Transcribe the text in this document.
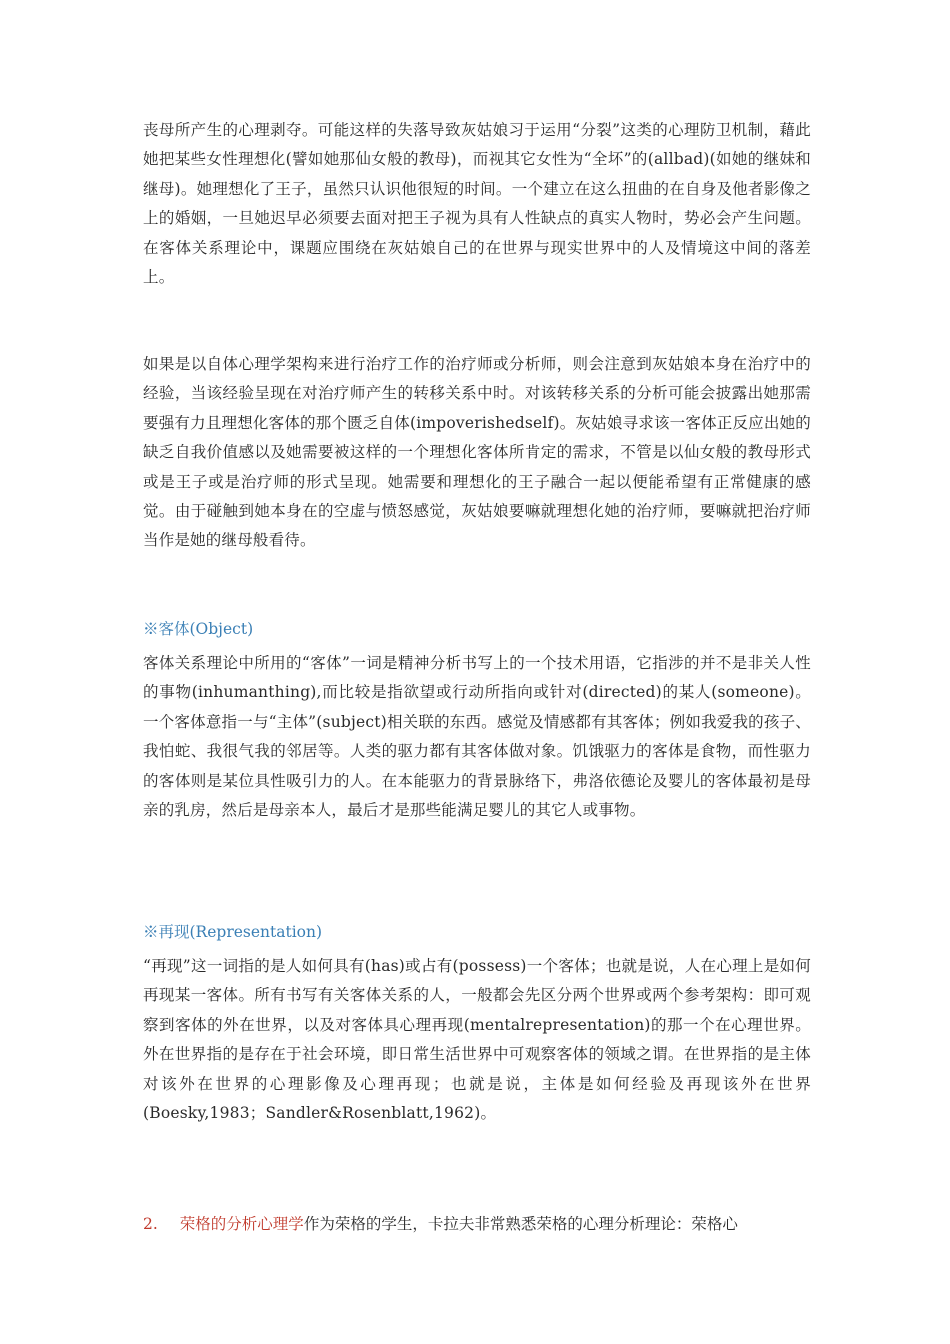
丧母所产生的心理剥夺。可能这样的失落导致灰姑娘习于运用“分裂”这类的心理防卫机制，藉此她把某些女性理想化(譬如她那仙女般的教母)，而视其它女性为“全坏”的(allbad)(如她的继妹和继母)。她理想化了王子，虽然只认识他很短的时间。一个建立在这么扭曲的在自身及他者影像之上的婚姻，一旦她迟早必须要去面对把王子视为具有人性缺点的真实人物时，势必会产生问题。在客体关系理论中，课题应围绕在灰姑娘自己的在世界与现实世界中的人及情境这中间的落差上。

如果是以自体心理学架构来进行治疗工作的治疗师或分析师，则会注意到灰姑娘本身在治疗中的经验，当该经验呈现在对治疗师产生的转移关系中时。对该转移关系的分析可能会披露出她那需要强有力且理想化客体的那个匮乏自体(impoverishedself)。灰姑娘寻求该一客体正反应出她的缺乏自我价值感以及她需要被这样的一个理想化客体所肯定的需求，不管是以仙女般的教母形式或是王子或是治疗师的形式呈现。她需要和理想化的王子融合一起以便能希望有正常健康的感觉。由于碰触到她本身在的空虚与愤怒感觉，灰姑娘要嘛就理想化她的治疗师，要嘛就把治疗师当作是她的继母般看待。

※客体(Object)

客体关系理论中所用的“客体”一词是精神分析书写上的一个技术用语，它指涉的并不是非关人性的事物(inhumanthing),而比较是指欲望或行动所指向或针对(directed)的某人(someone)。一个客体意指一与“主体”(subject)相关联的东西。感觉及情感都有其客体；例如我爱我的孩子、我怕蛇、我很气我的邻居等。人类的驱力都有其客体做对象。饥饿驱力的客体是食物，而性驱力的客体则是某位具性吸引力的人。在本能驱力的背景脉络下，弗洛依德论及婴儿的客体最初是母亲的乳房，然后是母亲本人，最后才是那些能满足婴儿的其它人或事物。

※再现(Representation)

“再现”这一词指的是人如何具有(has)或占有(possess)一个客体；也就是说，人在心理上是如何再现某一客体。所有书写有关客体关系的人，一般都会先区分两个世界或两个参考架构：即可观察到客体的外在世界，以及对客体具心理再现(mentalrepresentation)的那一个在心理世界。外在世界指的是存在于社会环境，即日常生活世界中可观察客体的领域之谓。在世界指的是主体对该外在世界的心理影像及心理再现；也就是说，主体是如何经验及再现该外在世界(Boesky,1983；Sandler&Rosenblatt,1962)。

2. 荣格的分析心理学作为荣格的学生，卡拉夫非常熟悉荣格的心理分析理论：荣格心
